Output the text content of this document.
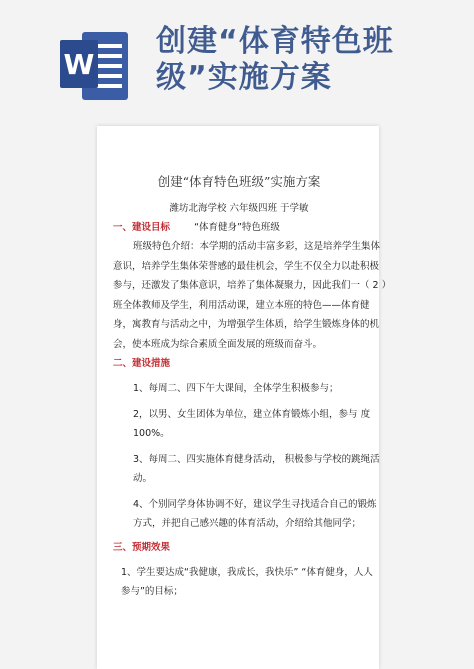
W
创建“体育特色班
级”实施方案
创建“体育特色班级”实施方案
潍坊北海学校 六年级四班 于学敏
一、建设目标	“体育健身”特色班级
班级特色介绍：本学期的活动丰富多彩，这是培养学生集体
意识，培养学生集体荣誉感的最佳机会，学生不仅全力以赴积极
参与，还激发了集体意识，培养了集体凝聚力，因此我们一（ 2 ）
班全体教师及学生，利用活动课，建立本班的特色——体育健
身，寓教育与活动之中，为增强学生体质，给学生锻炼身体的机
会，使本班成为综合素质全面发展的班级而奋斗。
二、建设措施
1、每周二、四下午大课间，全体学生积极参与；
2，以男、女生团体为单位，建立体育锻炼小组，参与 度
100%。
3、每周二、四实施体育健身活动， 积极参与学校的跳绳活
动。
4、个别同学身体协调不好，建议学生寻找适合自己的锻炼
方式，并把自己感兴趣的体育活动，介绍给其他同学；
三、预期效果
1、学生要达成“我健康，我成长，我快乐” “体育健身，人人
参与”的目标；
